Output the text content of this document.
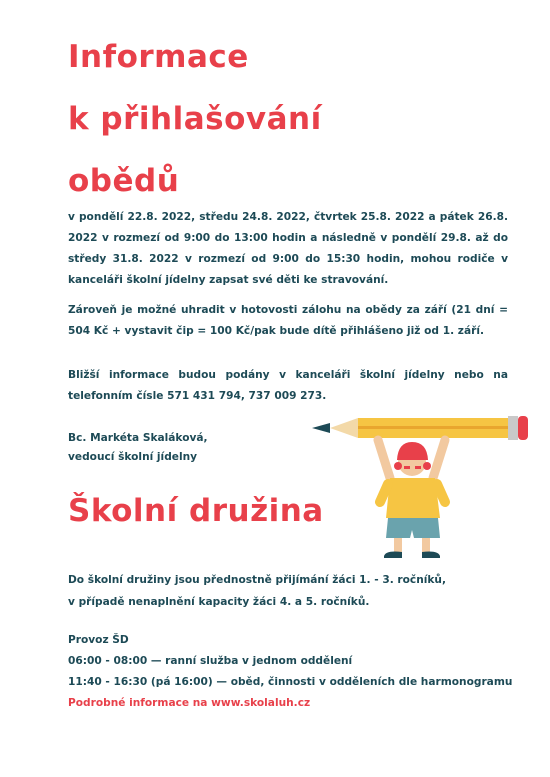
Informace
k přihlašování
obědů

v pondělí 22.8. 2022, středu 24.8. 2022, čtvrtek 25.8. 2022 a pátek 26.8. 2022 v rozmezí od 9:00 do 13:00 hodin a následně v pondělí 29.8. až do středy 31.8. 2022 v rozmezí od 9:00 do 15:30 hodin, mohou rodiče v kanceláři školní jídelny zapsat své děti ke stravování.

Zároveň je možné uhradit v hotovosti zálohu na obědy za září (21 dní = 504 Kč + vystavit čip = 100 Kč/pak bude dítě přihlášeno již od 1. září.

Bližší informace budou podány v kanceláři školní jídelny nebo na telefonním čísle 571 431 794, 737 009 273.

Bc. Markéta Skaláková,

vedoucí školní jídelny

Školní družina

Do školní družiny jsou přednostně přijímání žáci 1. - 3. ročníků,

v případě nenaplnění kapacity žáci 4. a 5. ročníků.

Provoz ŠD

06:00 - 08:00 — ranní služba v jednom oddělení

11:40 - 16:30 (pá 16:00) — oběd, činnosti v odděleních dle harmonogramu

Podrobné informace na www.skolaluh.cz
